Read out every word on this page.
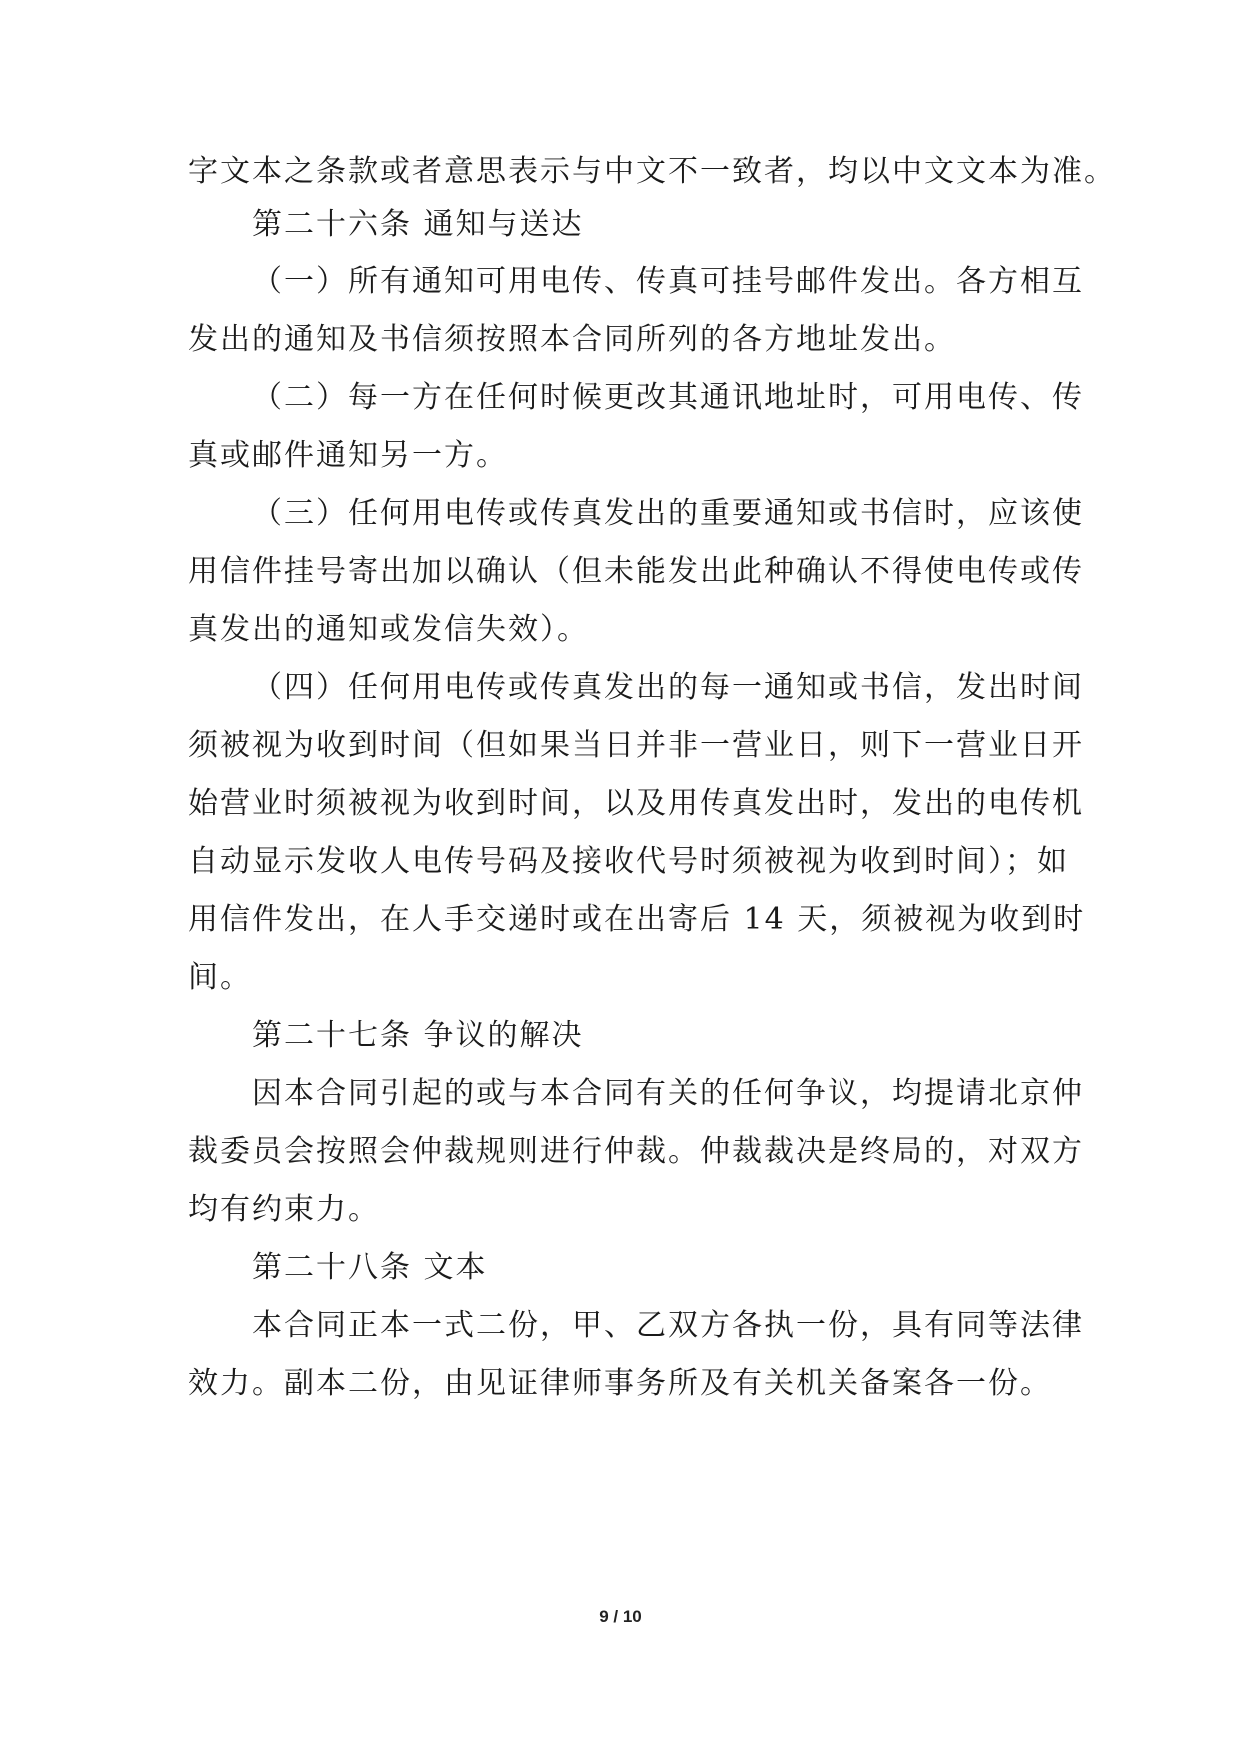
字文本之条款或者意思表示与中文不一致者，均以中文文本为准。
第二十六条 通知与送达
（一）所有通知可用电传、传真可挂号邮件发出。各方相互
发出的通知及书信须按照本合同所列的各方地址发出。
（二）每一方在任何时候更改其通讯地址时，可用电传、传
真或邮件通知另一方。
（三）任何用电传或传真发出的重要通知或书信时，应该使
用信件挂号寄出加以确认（但未能发出此种确认不得使电传或传
真发出的通知或发信失效）。
（四）任何用电传或传真发出的每一通知或书信，发出时间
须被视为收到时间（但如果当日并非一营业日，则下一营业日开
始营业时须被视为收到时间，以及用传真发出时，发出的电传机
自动显示发收人电传号码及接收代号时须被视为收到时间）；如
用信件发出，在人手交递时或在出寄后 14 天，须被视为收到时
间。
第二十七条 争议的解决
因本合同引起的或与本合同有关的任何争议，均提请北京仲
裁委员会按照会仲裁规则进行仲裁。仲裁裁决是终局的，对双方
均有约束力。
第二十八条 文本
本合同正本一式二份，甲、乙双方各执一份，具有同等法律
效力。副本二份，由见证律师事务所及有关机关备案各一份。
9 / 10
